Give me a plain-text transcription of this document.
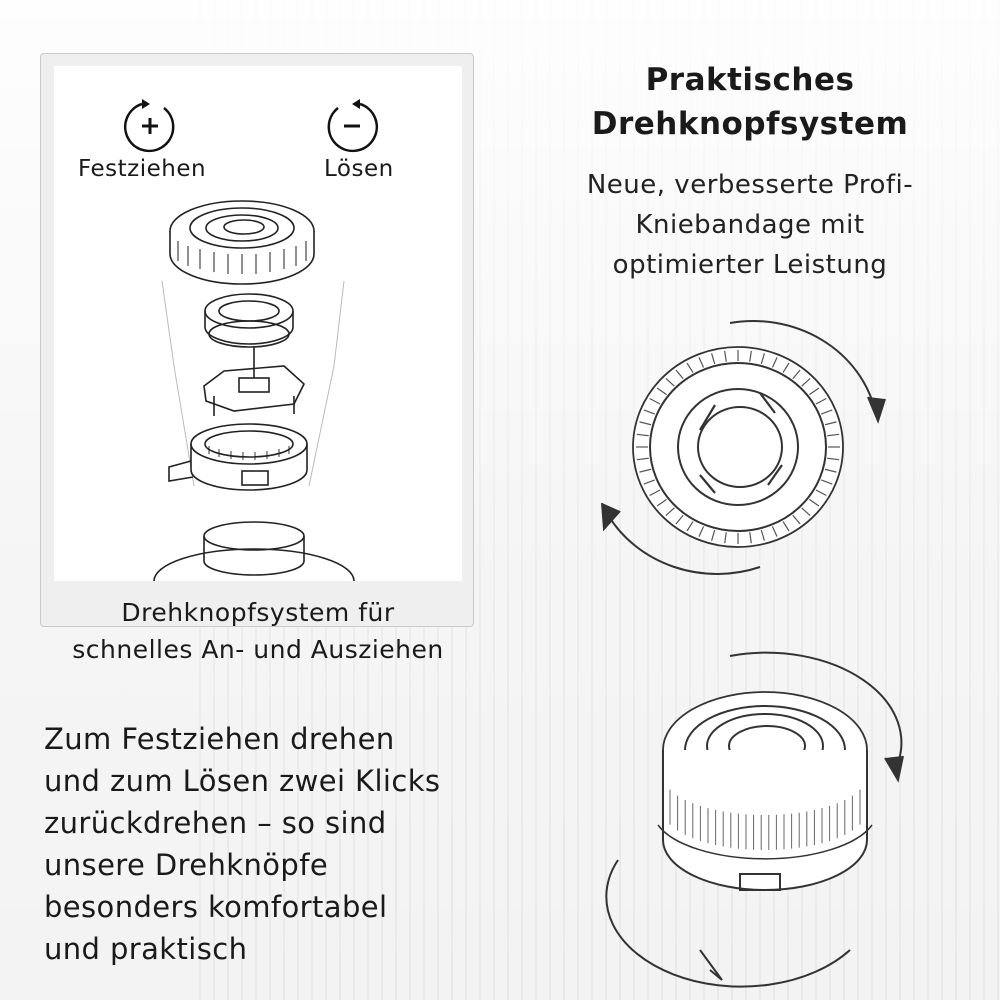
Festziehen	Lösen
Drehknopfsystem für
schnelles An- und Ausziehen
Praktisches
Drehknopfsystem
Neue, verbesserte Profi-
Kniebandage mit
optimierter Leistung
Zum Festziehen drehen
und zum Lösen zwei Klicks
zurückdrehen – so sind
unsere Drehknöpfe
besonders komfortabel
und praktisch
